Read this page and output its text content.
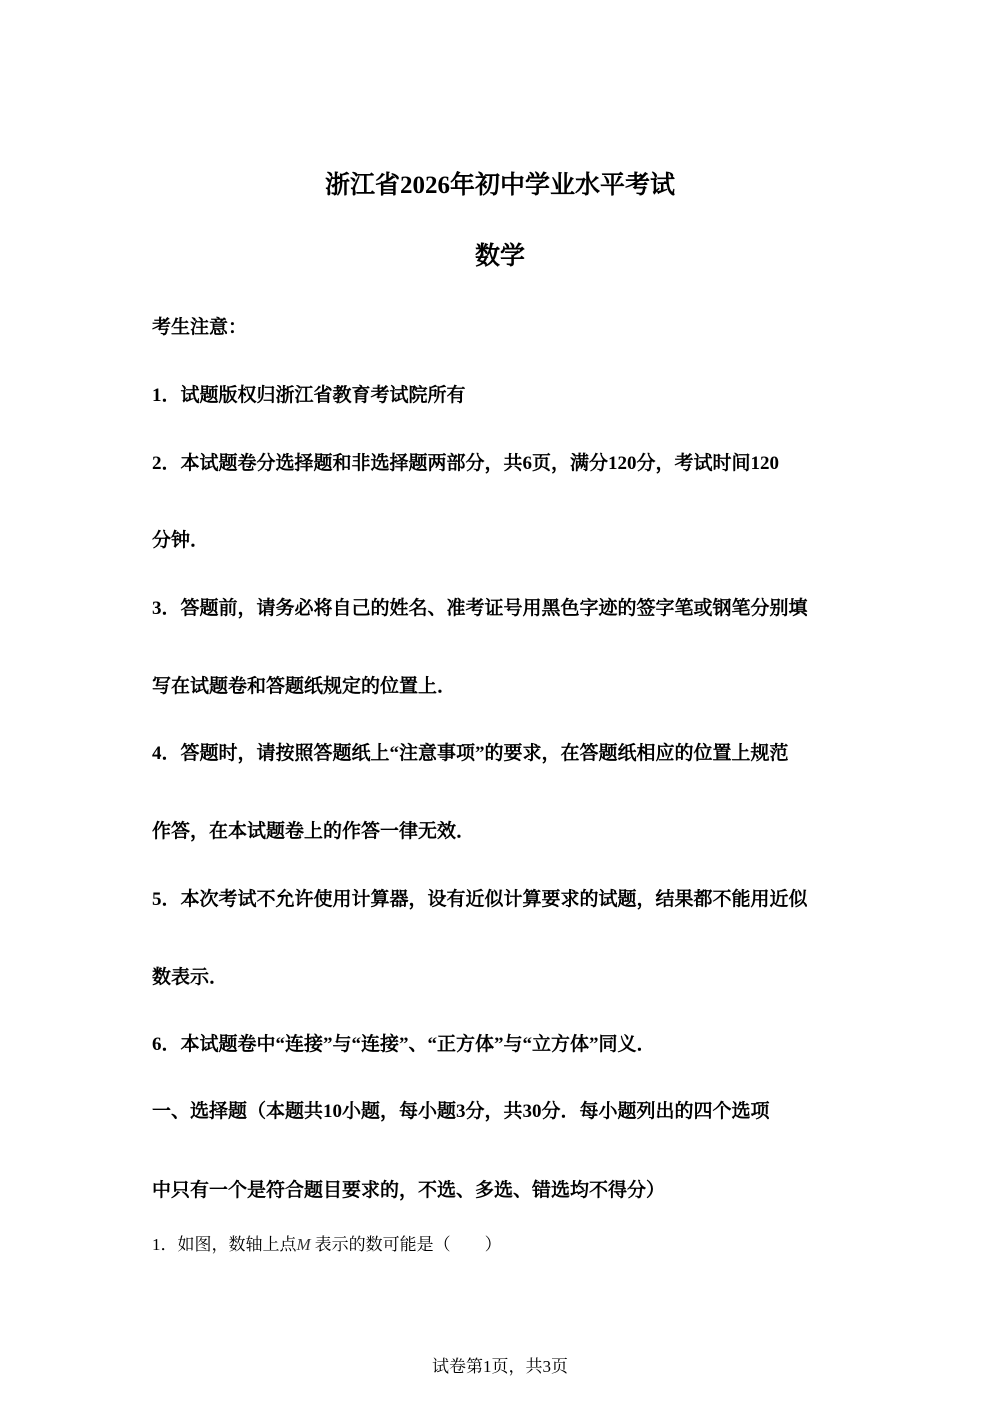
浙江省2026年初中学业水平考试
数学
考生注意：
1．试题版权归浙江省教育考试院所有
2．本试题卷分选择题和非选择题两部分，共6页，满分120分，考试时间120
分钟．
3．答题前，请务必将自己的姓名、准考证号用黑色字迹的签字笔或钢笔分别填
写在试题卷和答题纸规定的位置上．
4．答题时，请按照答题纸上“注意事项”的要求，在答题纸相应的位置上规范
作答，在本试题卷上的作答一律无效．
5．本次考试不允许使用计算器，设有近似计算要求的试题，结果都不能用近似
数表示．
6．本试题卷中“连接”与“连接”、“正方体”与“立方体”同义．
一、选择题（本题共10小题，每小题3分，共30分．每小题列出的四个选项
中只有一个是符合题目要求的，不选、多选、错选均不得分）
1．如图，数轴上点M 表示的数可能是（　　）
试卷第1页，共3页
